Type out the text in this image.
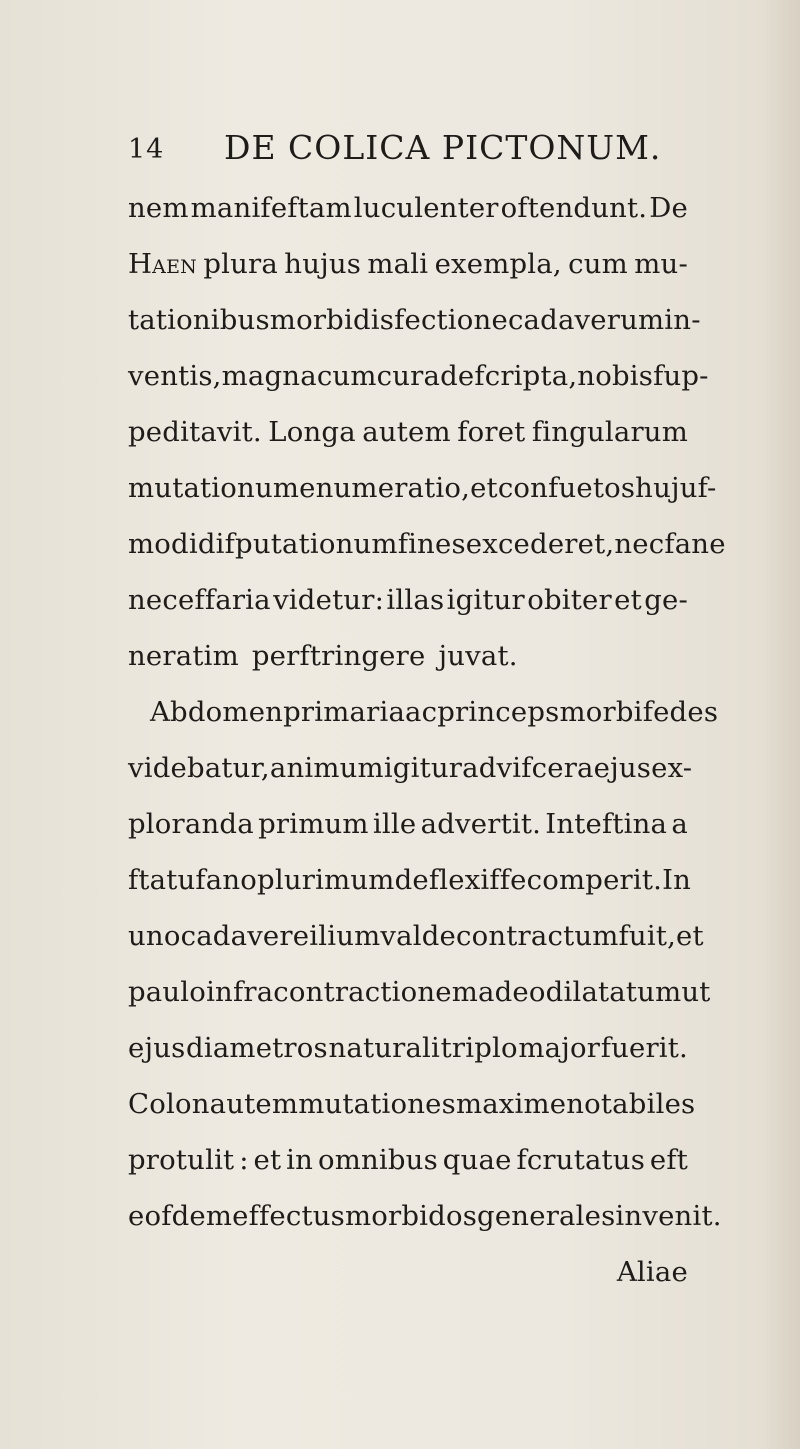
14 DE COLICA PICTONUM.
nem manifeftam luculenter oftendunt. De
Haen plura hujus mali exempla, cum mu-
tationibus morbidis fectione cadaverum in-
ventis, magna cum cura defcripta, nobis fup-
peditavit. Longa autem foret fingularum
mutationum enumeratio, et confuetos hujuf-
modi difputationum fines excederet, nec fane
neceffaria videtur: illas igitur obiter et ge-
neratim perftringere juvat.
Abdomen primaria ac princeps morbi fedes
videbatur, animum igitur ad vifcera ejus ex-
ploranda primum ille advertit. Inteftina a
ftatu fano plurimum deflexiffe comperit. In
uno cadavere ilium valde contractum fuit, et
paulo infra contractionem adeo dilatatum ut
ejus diametros naturali triplo major fuerit.
Colon autem mutationes maxime notabiles
protulit : et in omnibus quae fcrutatus eft
eofdem effectus morbidos generales invenit.
Aliae
